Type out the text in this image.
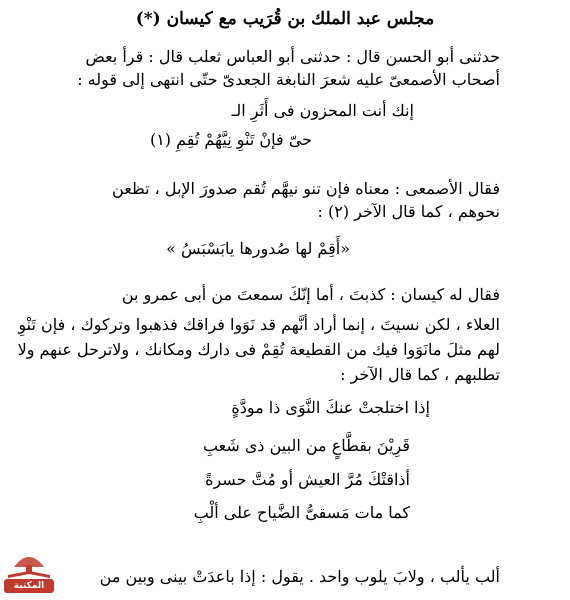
مجلس عبد الملك بن قُرَيب مع كيسان (*)
حدثنى أبو الحسن قال : حدثنى أبو العباس ثعلب قال : قرأ بعض
أصحاب الأصمعىّ عليه شعرَ النابغة الجعدىّ حتّى انتهى إلى قوله :
إنك أنت المحزون فى أَثَرِ الـ
حىّ فإنْ تَنْوِ نِيَّهُمْ تُقِمِ (١)
فقال الأصمعى : معناه فإن تنو نيهَّم تُقم صدورَ الإبل ، تظعن
نحوهم ، كما قال الآخر (٢) :
«أَقِمْ لها صُدورها يابَسْبَسُ »
فقال له كيسان : كذبتَ ، أما إنّكَ سمعتَ من أبى عمرو بن
العلاء ، لكن نسيتَ ، إنما أراد أنَّهم قد نَوَوا فراقك فذهبوا وتركوك ، فإن تَنْوِ
لهم مثلَ مانَوَوا فيك من القطيعة تُقِمْ فى دارك ومكانك ، ولاترحل عنهم ولا
تطلبهم ، كما قال الآخر :
إذا اختلجتْ عنكَ النَّوَى ذا مودَّةٍ
قَرِيْنَ بقطَّاعٍ من البين ذى شَعبِ
أذاقتْكَ مُرَّ العيش أو مُتَّ حسرةً
كما مات مَسقىُّ الضَّياح على ألْبِ
ألب يألب ، ولابَ يلوب واحد . يقول : إذا باعدَتْ بينى وبين من
المكتبة
